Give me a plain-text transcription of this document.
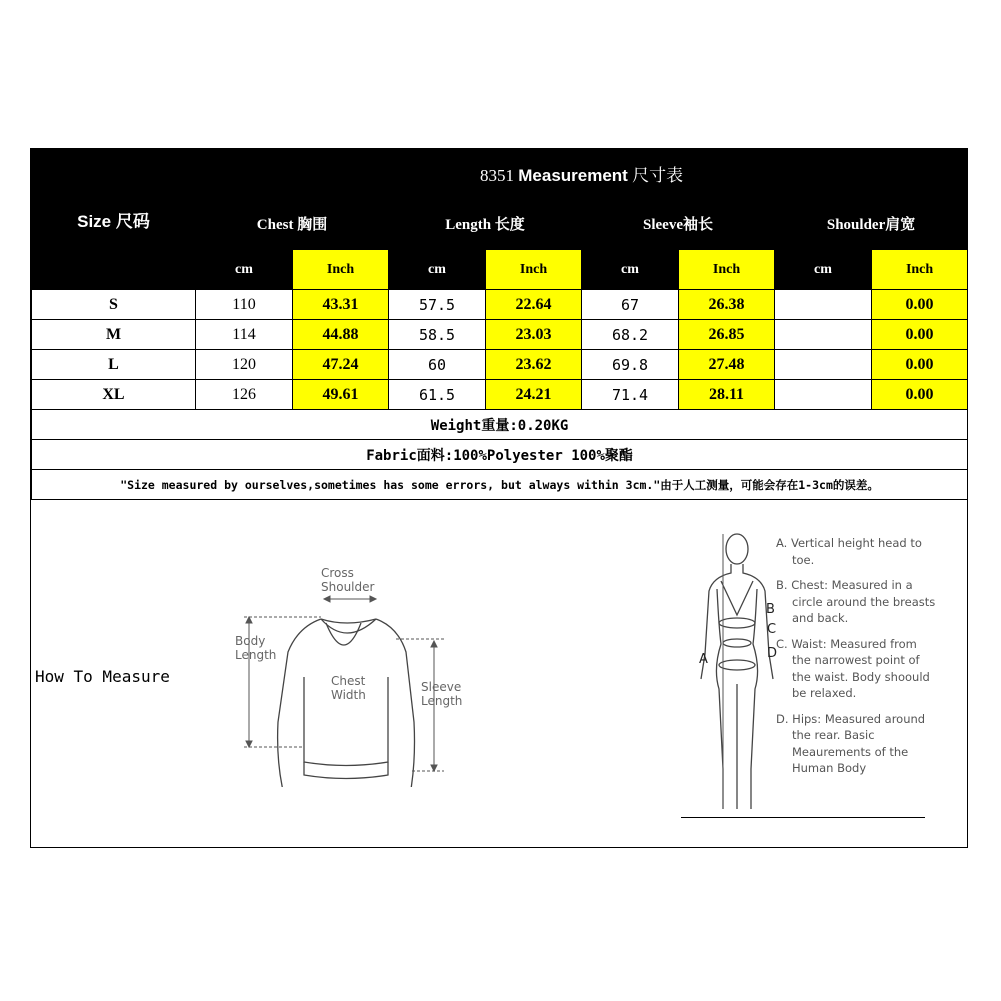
Size 尺码	8351 Measurement 尺寸表							
	Chest 胸围		Length 长度		Sleeve袖长		Shoulder肩宽	
	cm	Inch	cm	Inch	cm	Inch	cm	Inch
S	110	43.31	57.5	22.64	67	26.38		0.00
M	114	44.88	58.5	23.03	68.2	26.85		0.00
L	120	47.24	60	23.62	69.8	27.48		0.00
XL	126	49.61	61.5	24.21	71.4	28.11		0.00
Weight重量:0.20KG								
Fabric面料:100%Polyester 100%聚酯								
"Size measured by ourselves,sometimes has some errors, but always within 3cm."由于人工测量，可能会存在1-3cm的误差。								
How To Measure
Cross Shoulder
Body Length
Chest Width
Sleeve Length
B
C
A	D

A. Vertical height head to toe.

B. Chest: Measured in a circle around the breasts and back.

C. Waist: Measured from the narrowest point of the waist. Body shoould be relaxed.

D. Hips: Measured around the rear. Basic Meaurements of the Human Body
